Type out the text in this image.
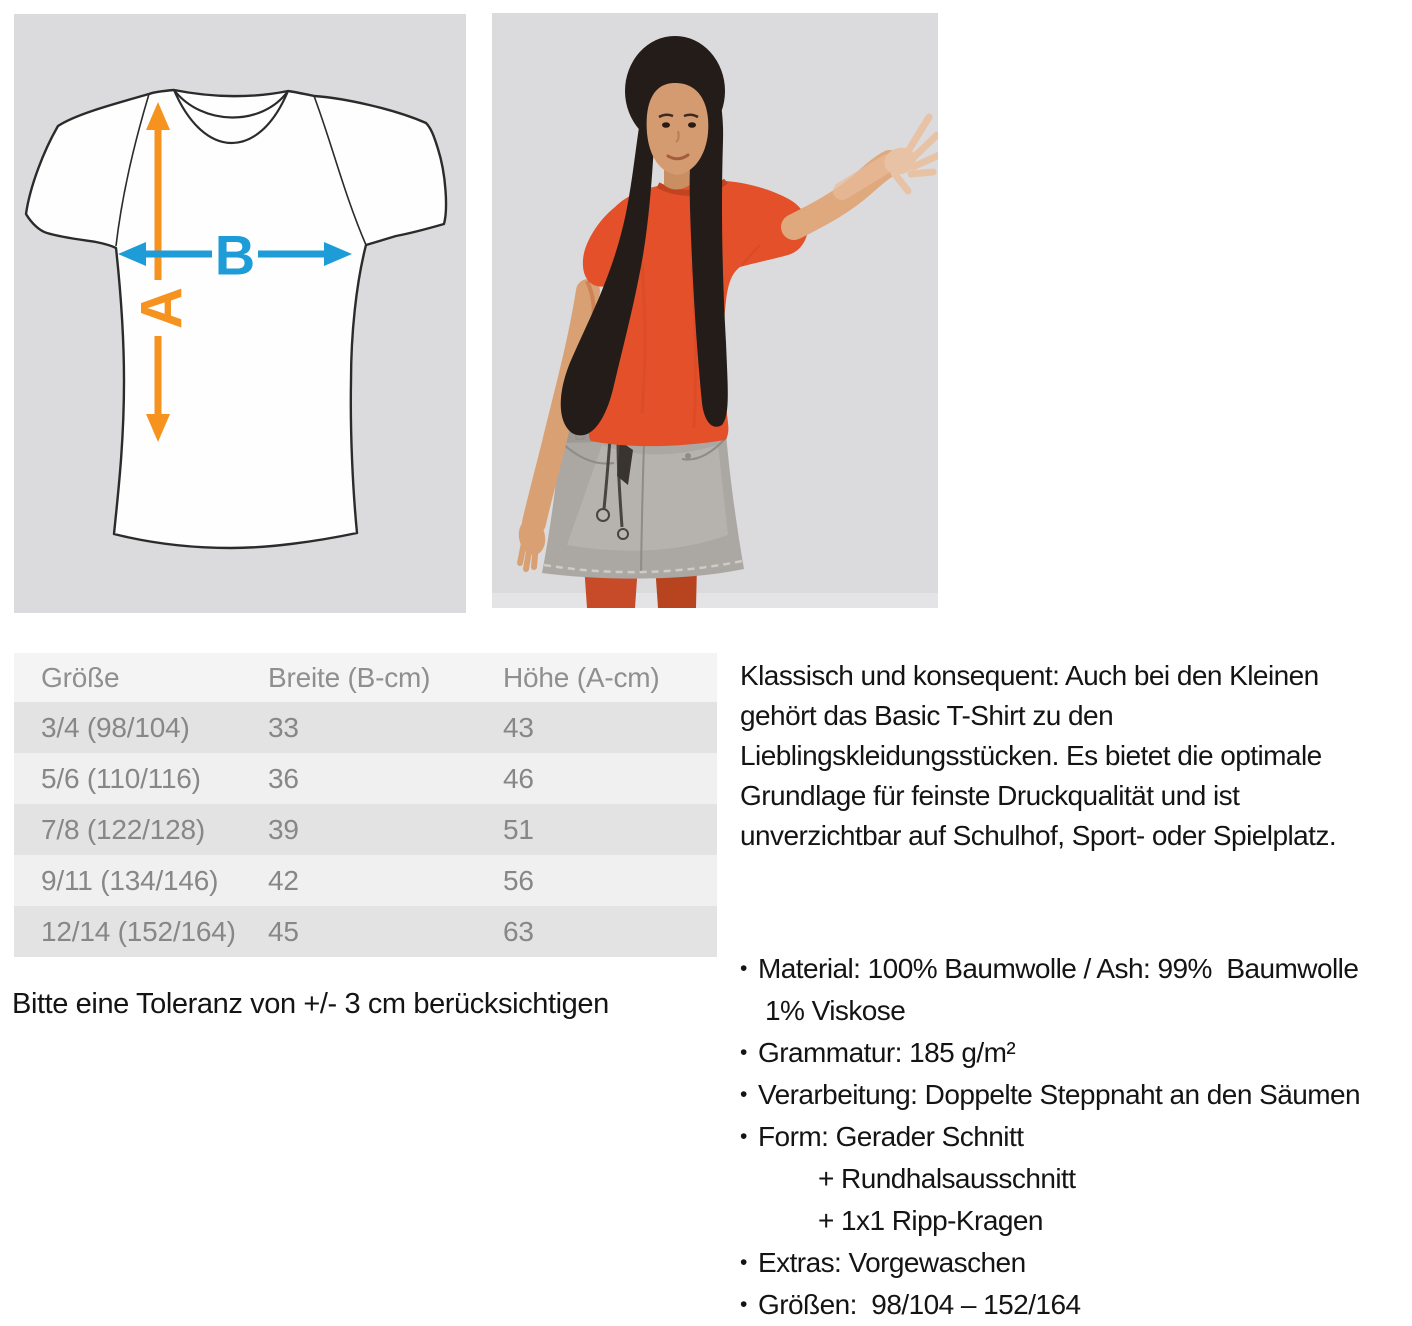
A
B
Größe	Breite (B-cm)	Höhe (A-cm)
3/4 (98/104)	33	43
5/6 (110/116)	36	46
7/8 (122/128)	39	51
9/11 (134/146)	42	56
12/14 (152/164)	45	63
Bitte eine Toleranz von +/- 3 cm berücksichtigen
Klassisch und konsequent: Auch bei den Kleinen
gehört das Basic T-Shirt zu den
Lieblingskleidungsstücken. Es bietet die optimale
Grundlage für feinste Druckqualität und ist
unverzichtbar auf Schulhof, Sport- oder Spielplatz.
• Material: 100% Baumwolle / Ash: 99%  Baumwolle
1% Viskose
• Grammatur: 185 g/m²
• Verarbeitung: Doppelte Steppnaht an den Säumen
• Form: Gerader Schnitt
+ Rundhalsausschnitt
+ 1x1 Ripp-Kragen
• Extras: Vorgewaschen
• Größen:  98/104 – 152/164
